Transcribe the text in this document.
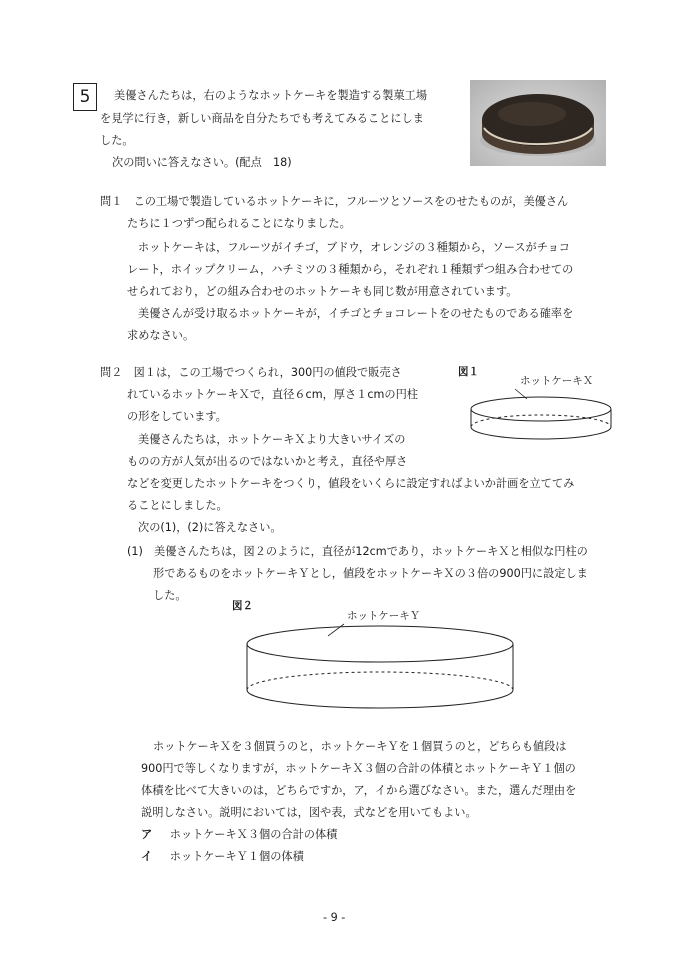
5	美優さんたちは，右のようなホットケーキを製造する製菓工場
を見学に行き，新しい商品を自分たちでも考えてみることにしま
した。
次の問いに答えなさい。(配点　18)
問１　この工場で製造しているホットケーキに，フルーツとソースをのせたものが，美優さん
たちに１つずつ配られることになりました。
ホットケーキは，フルーツがイチゴ，ブドウ，オレンジの３種類から，ソースがチョコ
レート，ホイップクリーム，ハチミツの３種類から，それぞれ１種類ずつ組み合わせての
せられており，どの組み合わせのホットケーキも同じ数が用意されています。
美優さんが受け取るホットケーキが，イチゴとチョコレートをのせたものである確率を
求めなさい。
問２　図１は，この工場でつくられ，300円の値段で販売さ
れているホットケーキＸで，直径６cm，厚さ１cmの円柱
の形をしています。
美優さんたちは，ホットケーキＸより大きいサイズの
ものの方が人気が出るのではないかと考え，直径や厚さ
などを変更したホットケーキをつくり，値段をいくらに設定すればよいか計画を立ててみ
ることにしました。
次の(1)，(2)に答えなさい。
図１
ホットケーキＸ
(1)　美優さんたちは，図２のように，直径が12cmであり，ホットケーキＸと相似な円柱の
形であるものをホットケーキＹとし，値段をホットケーキＸの３倍の900円に設定しま
した。
図２
ホットケーキＹ
ホットケーキＸを３個買うのと，ホットケーキＹを１個買うのと，どちらも値段は
900円で等しくなりますが，ホットケーキＸ３個の合計の体積とホットケーキＹ１個の
体積を比べて大きいのは，どちらですか，ア，イから選びなさい。また，選んだ理由を
説明しなさい。説明においては，図や表，式などを用いてもよい。
ア ホットケーキＸ３個の合計の体積
イ ホットケーキＹ１個の体積
- 9 -
